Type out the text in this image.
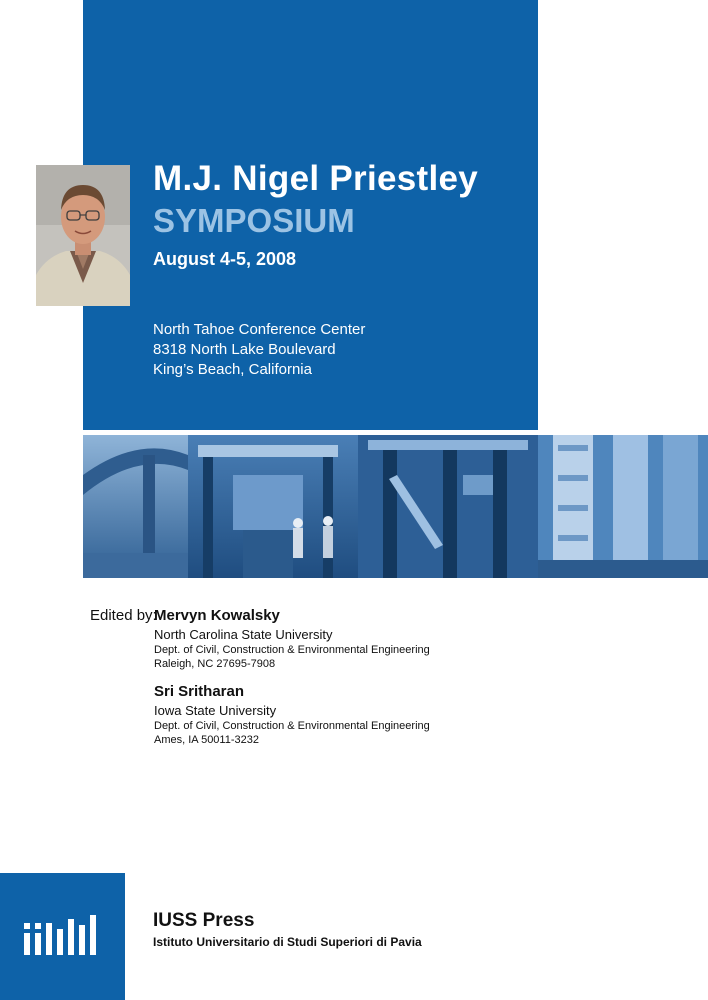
M.J. Nigel Priestley
SYMPOSIUM
August 4-5, 2008
North Tahoe Conference Center
8318 North Lake Boulevard
King’s Beach, California
Edited by:
Mervyn Kowalsky
North Carolina State University
Dept. of Civil, Construction & Environmental Engineering
Raleigh, NC 27695-7908
Sri Sritharan
Iowa State University
Dept. of Civil, Construction & Environmental Engineering
Ames, IA 50011-3232
IUSS Press
Istituto Universitario di Studi Superiori di Pavia
